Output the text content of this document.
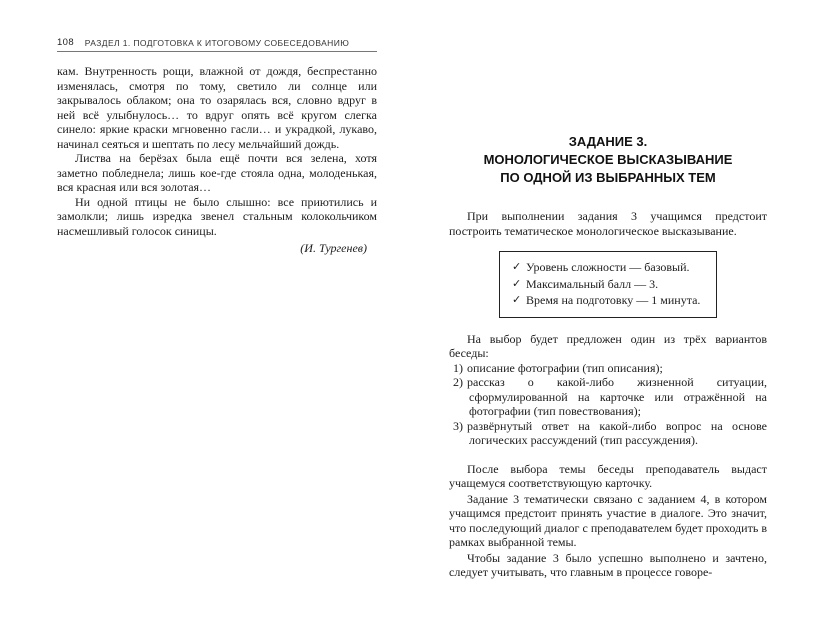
108	РАЗДЕЛ 1. ПОДГОТОВКА К ИТОГОВОМУ СОБЕСЕДОВАНИЮ

кам. Внутренность рощи, влажной от дождя, беспрестанно изменялась, смотря по тому, светило ли солнце или закрывалось облаком; она то озарялась вся, словно вдруг в ней всё улыбнулось… то вдруг опять всё кругом слегка синело: яркие краски мгновенно гасли… и украдкой, лукаво, начинал сеяться и шептать по лесу мельчайший дождь.

Листва на берёзах была ещё почти вся зелена, хотя заметно побледнела; лишь кое-где стояла одна, молоденькая, вся красная или вся золотая…

Ни одной птицы не было слышно: все приютились и замолкли; лишь изредка звенел стальным колокольчиком насмешливый голосок синицы.

(И. Тургенев)
ЗАДАНИЕ 3.
МОНОЛОГИЧЕСКОЕ ВЫСКАЗЫВАНИЕ
ПО ОДНОЙ ИЗ ВЫБРАННЫХ ТЕМ

При выполнении задания 3 учащимся предстоит построить тематическое монологическое высказывание.

✓ Уровень сложности — базовый.
✓ Максимальный балл — 3.
✓ Время на подготовку — 1 минута.

На выбор будет предложен один из трёх вариантов беседы:

1) описание фотографии (тип описания);

2) рассказ о какой-либо жизненной ситуации, сформулированной на карточке или отражённой на фотографии (тип повествования);

3) развёрнутый ответ на какой-либо вопрос на основе логических рассуждений (тип рассуждения).

После выбора темы беседы преподаватель выдаст учащемуся соответствующую карточку.

Задание 3 тематически связано с заданием 4, в котором учащимся предстоит принять участие в диалоге. Это значит, что последующий диалог с преподавателем будет проходить в рамках выбранной темы.

Чтобы задание 3 было успешно выполнено и зачтено, следует учитывать, что главным в процессе говоре-
